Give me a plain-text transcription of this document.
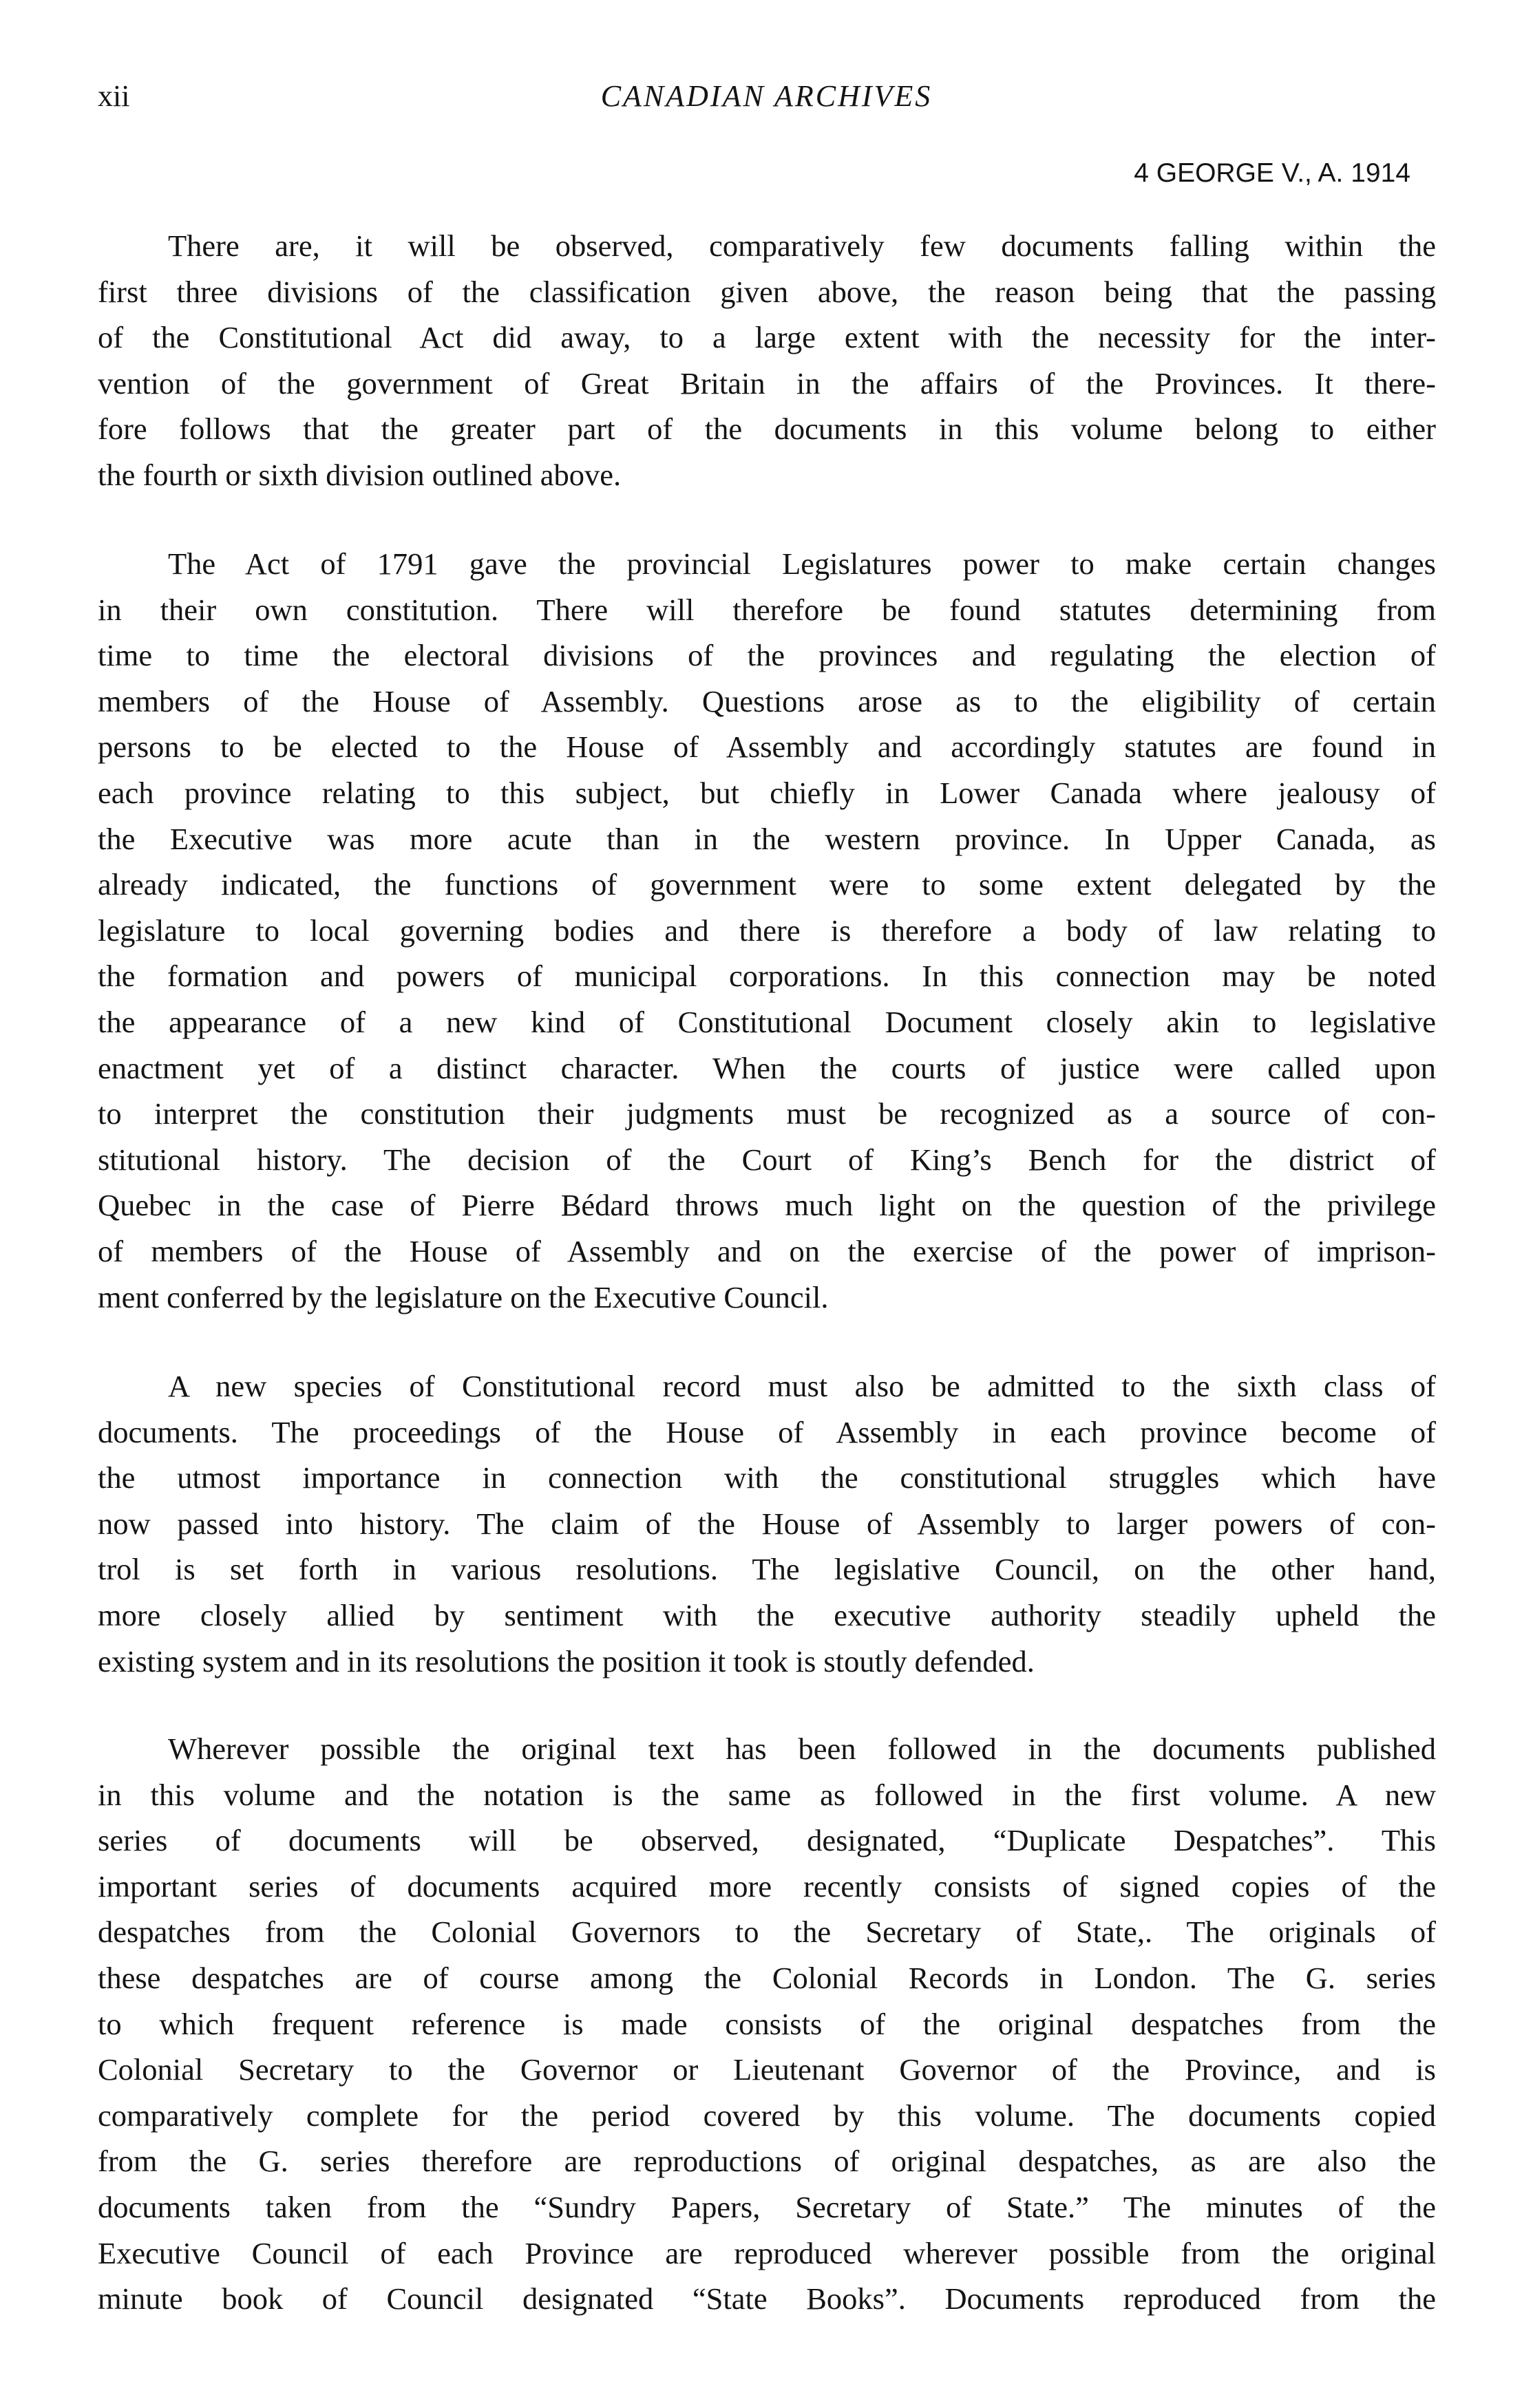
xii	CANADIAN ARCHIVES
4 GEORGE V., A. 1914
There are, it will be observed, comparatively few documents falling within the
first three divisions of the classification given above, the reason being that the passing
of the Constitutional Act did away, to a large extent with the necessity for the inter-
vention of the government of Great Britain in the affairs of the Provinces. It there-
fore follows that the greater part of the documents in this volume belong to either
the fourth or sixth division outlined above.
The Act of 1791 gave the provincial Legislatures power to make certain changes
in their own constitution. There will therefore be found statutes determining from
time to time the electoral divisions of the provinces and regulating the election of
members of the House of Assembly. Questions arose as to the eligibility of certain
persons to be elected to the House of Assembly and accordingly statutes are found in
each province relating to this subject, but chiefly in Lower Canada where jealousy of
the Executive was more acute than in the western province. In Upper Canada, as
already indicated, the functions of government were to some extent delegated by the
legislature to local governing bodies and there is therefore a body of law relating to
the formation and powers of municipal corporations. In this connection may be noted
the appearance of a new kind of Constitutional Document closely akin to legislative
enactment yet of a distinct character. When the courts of justice were called upon
to interpret the constitution their judgments must be recognized as a source of con-
stitutional history. The decision of the Court of King’s Bench for the district of
Quebec in the case of Pierre Bédard throws much light on the question of the privilege
of members of the House of Assembly and on the exercise of the power of imprison-
ment conferred by the legislature on the Executive Council.
A new species of Constitutional record must also be admitted to the sixth class of
documents. The proceedings of the House of Assembly in each province become of
the utmost importance in connection with the constitutional struggles which have
now passed into history. The claim of the House of Assembly to larger powers of con-
trol is set forth in various resolutions. The legislative Council, on the other hand,
more closely allied by sentiment with the executive authority steadily upheld the
existing system and in its resolutions the position it took is stoutly defended.
Wherever possible the original text has been followed in the documents published
in this volume and the notation is the same as followed in the first volume. A new
series of documents will be observed, designated, “Duplicate Despatches”. This
important series of documents acquired more recently consists of signed copies of the
despatches from the Colonial Governors to the Secretary of State,. The originals of
these despatches are of course among the Colonial Records in London. The G. series
to which frequent reference is made consists of the original despatches from the
Colonial Secretary to the Governor or Lieutenant Governor of the Province, and is
comparatively complete for the period covered by this volume. The documents copied
from the G. series therefore are reproductions of original despatches, as are also the
documents taken from the “Sundry Papers, Secretary of State.” The minutes of the
Executive Council of each Province are reproduced wherever possible from the original
minute book of Council designated “State Books”. Documents reproduced from the
